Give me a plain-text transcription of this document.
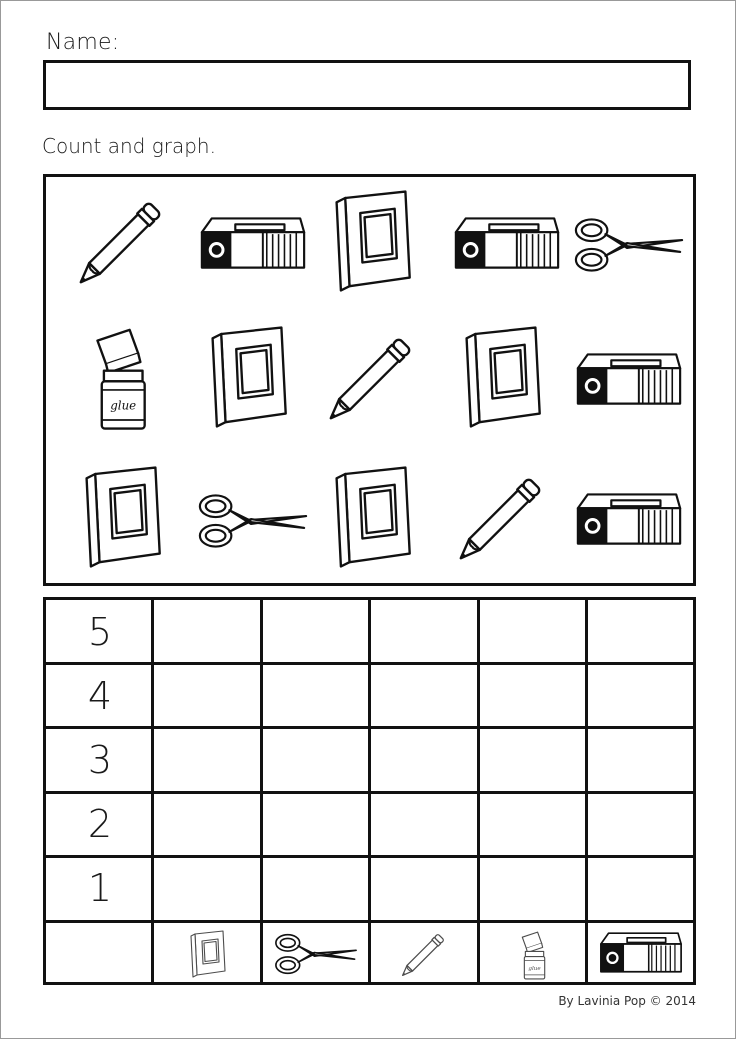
Name:
Count and graph.
glue
5
4
3
2
1
glue
By Lavinia Pop © 2014
